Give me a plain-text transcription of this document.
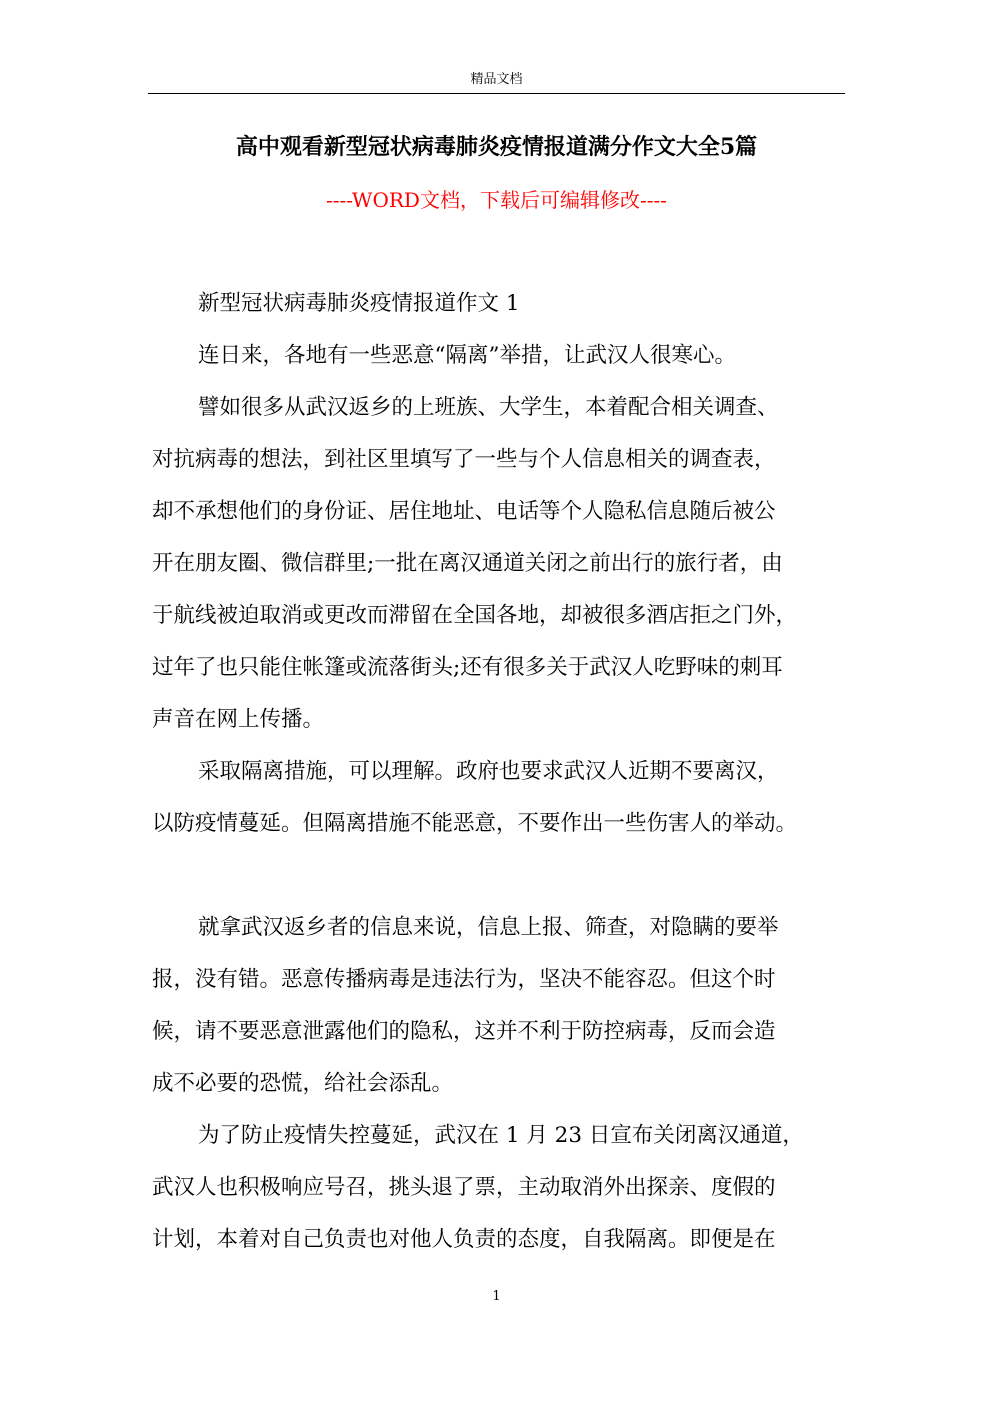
精品文档
高中观看新型冠状病毒肺炎疫情报道满分作文大全5篇
----WORD文档，下载后可编辑修改----
新型冠状病毒肺炎疫情报道作文 1
连日来，各地有一些恶意“隔离”举措，让武汉人很寒心。
譬如很多从武汉返乡的上班族、大学生，本着配合相关调查、
对抗病毒的想法，到社区里填写了一些与个人信息相关的调查表，
却不承想他们的身份证、居住地址、电话等个人隐私信息随后被公
开在朋友圈、微信群里;一批在离汉通道关闭之前出行的旅行者，由
于航线被迫取消或更改而滞留在全国各地，却被很多酒店拒之门外，
过年了也只能住帐篷或流落街头;还有很多关于武汉人吃野味的刺耳
声音在网上传播。
采取隔离措施，可以理解。政府也要求武汉人近期不要离汉，
以防疫情蔓延。但隔离措施不能恶意，不要作出一些伤害人的举动。
就拿武汉返乡者的信息来说，信息上报、筛查，对隐瞒的要举
报，没有错。恶意传播病毒是违法行为，坚决不能容忍。但这个时
候，请不要恶意泄露他们的隐私，这并不利于防控病毒，反而会造
成不必要的恐慌，给社会添乱。
为了防止疫情失控蔓延，武汉在 1 月 23 日宣布关闭离汉通道，
武汉人也积极响应号召，挑头退了票，主动取消外出探亲、度假的
计划，本着对自己负责也对他人负责的态度，自我隔离。即便是在
1
